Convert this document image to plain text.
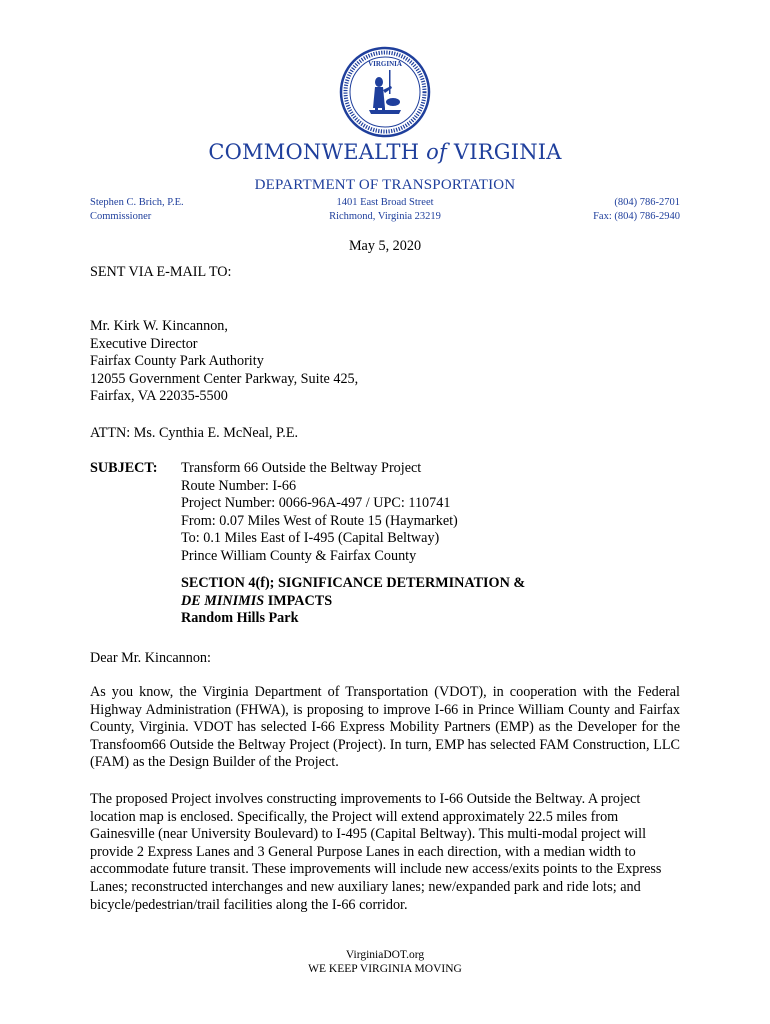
VIRGINIA
COMMONWEALTH of VIRGINIA
DEPARTMENT OF TRANSPORTATION
Stephen C. Brich, P.E.
Commissioner
1401 East Broad Street
Richmond, Virginia 23219
(804) 786-2701
Fax: (804) 786-2940
May 5, 2020
SENT VIA E-MAIL TO:
Mr. Kirk W. Kincannon,
Executive Director
Fairfax County Park Authority
12055 Government Center Parkway, Suite 425,
Fairfax, VA 22035-5500
ATTN: Ms. Cynthia E. McNeal, P.E.
SUBJECT: Transform 66 Outside the Beltway Project
Route Number: I-66
Project Number: 0066-96A-497 / UPC: 110741
From: 0.07 Miles West of Route 15 (Haymarket)
To: 0.1 Miles East of I-495 (Capital Beltway)
Prince William County & Fairfax County
SECTION 4(f); SIGNIFICANCE DETERMINATION &
DE MINIMIS IMPACTS
Random Hills Park
Dear Mr. Kincannon:
As you know, the Virginia Department of Transportation (VDOT), in cooperation with the Federal Highway Administration (FHWA), is proposing to improve I-66 in Prince William County and Fairfax County, Virginia. VDOT has selected I-66 Express Mobility Partners (EMP) as the Developer for the Transfoom66 Outside the Beltway Project (Project). In turn, EMP has selected FAM Construction, LLC (FAM) as the Design Builder of the Project.
The proposed Project involves constructing improvements to I-66 Outside the Beltway. A project location map is enclosed. Specifically, the Project will extend approximately 22.5 miles from Gainesville (near University Boulevard) to I-495 (Capital Beltway). This multi-modal project will provide 2 Express Lanes and 3 General Purpose Lanes in each direction, with a median width to accommodate future transit. These improvements will include new access/exits points to the Express Lanes; reconstructed interchanges and new auxiliary lanes; new/expanded park and ride lots; and bicycle/pedestrian/trail facilities along the I-66 corridor.
VirginiaDOT.org
WE KEEP VIRGINIA MOVING
